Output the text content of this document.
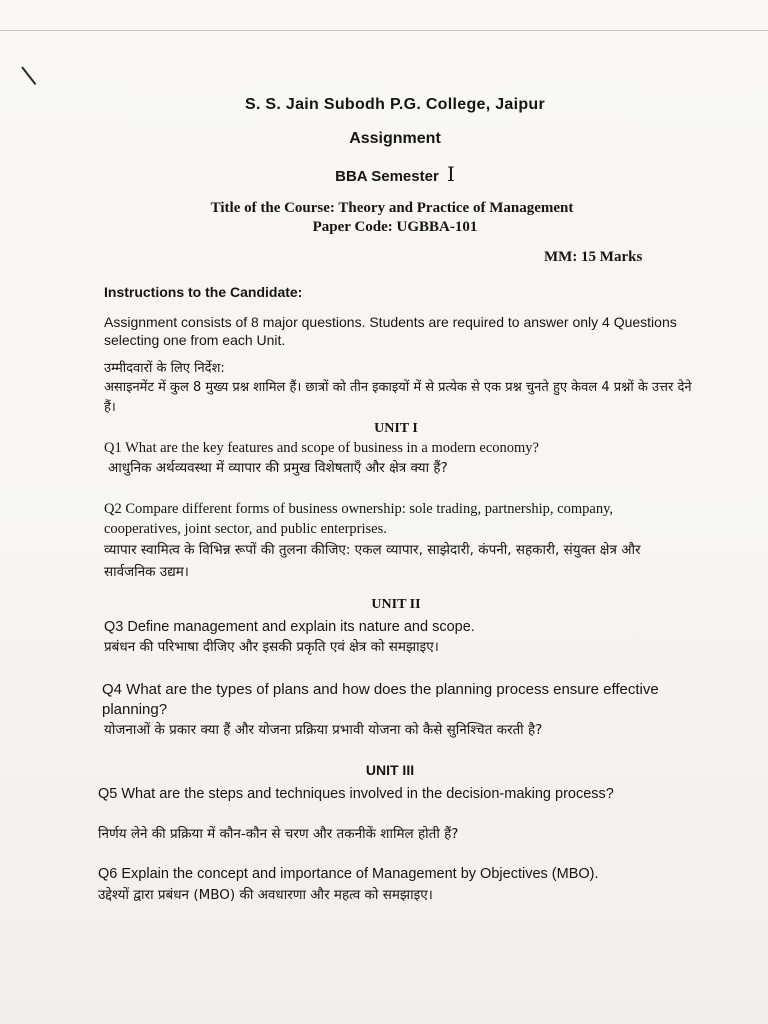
S. S. Jain Subodh P.G. College, Jaipur
Assignment
BBA Semester I
Title of the Course: Theory and Practice of Management
Paper Code: UGBBA-101
MM: 15 Marks
Instructions to the Candidate:
Assignment consists of 8 major questions. Students are required to answer only 4 Questions selecting one from each Unit.
उम्मीदवारों के लिए निर्देश:
असाइनमेंट में कुल 8 मुख्य प्रश्न शामिल हैं। छात्रों को तीन इकाइयों में से प्रत्येक से एक प्रश्न चुनते हुए केवल 4 प्रश्नों के उत्तर देने हैं।
UNIT I
Q1 What are the key features and scope of business in a modern economy?
आधुनिक अर्थव्यवस्था में व्यापार की प्रमुख विशेषताएँ और क्षेत्र क्या हैं?
Q2 Compare different forms of business ownership: sole trading, partnership, company, cooperatives, joint sector, and public enterprises.
व्यापार स्वामित्व के विभिन्न रूपों की तुलना कीजिए: एकल व्यापार, साझेदारी, कंपनी, सहकारी, संयुक्त क्षेत्र और सार्वजनिक उद्यम।
UNIT II
Q3 Define management and explain its nature and scope.
प्रबंधन की परिभाषा दीजिए और इसकी प्रकृति एवं क्षेत्र को समझाइए।
Q4 What are the types of plans and how does the planning process ensure effective planning?
योजनाओं के प्रकार क्या हैं और योजना प्रक्रिया प्रभावी योजना को कैसे सुनिश्चित करती है?
UNIT III
Q5 What are the steps and techniques involved in the decision-making process?
निर्णय लेने की प्रक्रिया में कौन-कौन से चरण और तकनीकें शामिल होती हैं?
Q6 Explain the concept and importance of Management by Objectives (MBO).
उद्देश्यों द्वारा प्रबंधन (MBO) की अवधारणा और महत्व को समझाइए।
